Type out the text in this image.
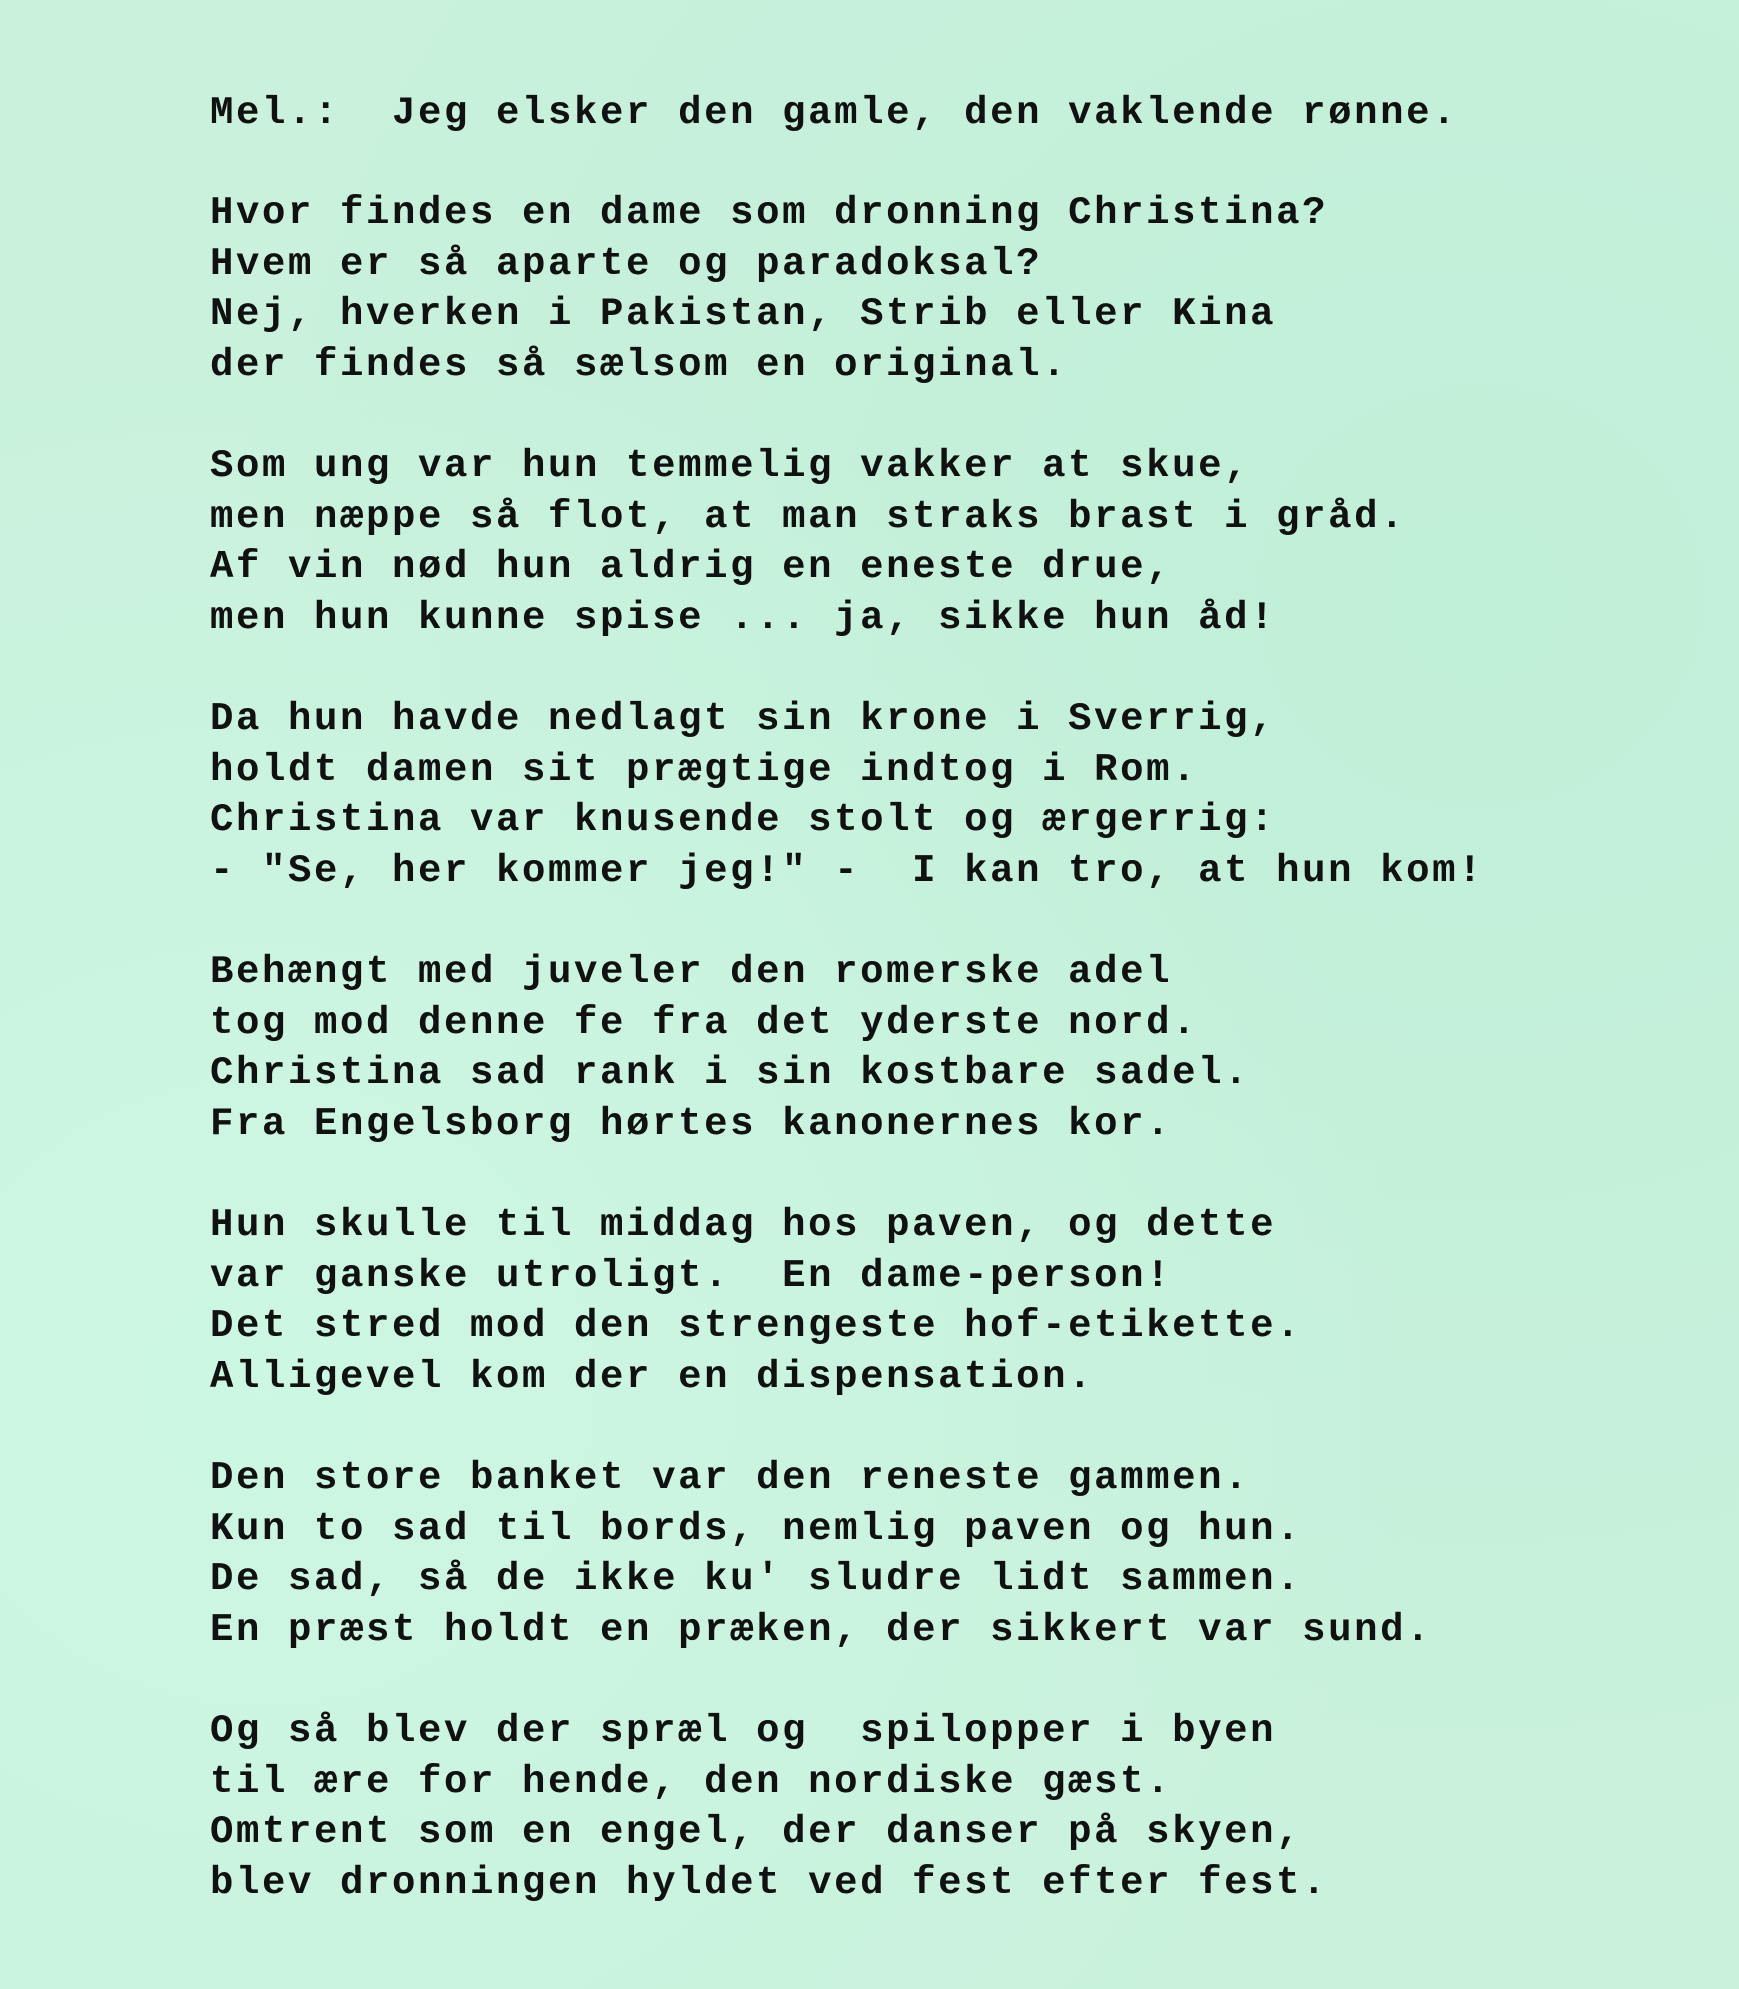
Mel.:  Jeg elsker den gamle, den vaklende rønne.
Hvor findes en dame som dronning Christina?
Hvem er så aparte og paradoksal?
Nej, hverken i Pakistan, Strib eller Kina
der findes så sælsom en original.
Som ung var hun temmelig vakker at skue,
men næppe så flot, at man straks brast i gråd.
Af vin nød hun aldrig en eneste drue,
men hun kunne spise ... ja, sikke hun åd!
Da hun havde nedlagt sin krone i Sverrig,
holdt damen sit prægtige indtog i Rom.
Christina var knusende stolt og ærgerrig:
- "Se, her kommer jeg!" -  I kan tro, at hun kom!
Behængt med juveler den romerske adel
tog mod denne fe fra det yderste nord.
Christina sad rank i sin kostbare sadel.
Fra Engelsborg hørtes kanonernes kor.
Hun skulle til middag hos paven, og dette
var ganske utroligt.  En dame-person!
Det stred mod den strengeste hof-etikette.
Alligevel kom der en dispensation.
Den store banket var den reneste gammen.
Kun to sad til bords, nemlig paven og hun.
De sad, så de ikke ku' sludre lidt sammen.
En præst holdt en præken, der sikkert var sund.
Og så blev der spræl og  spilopper i byen
til ære for hende, den nordiske gæst.
Omtrent som en engel, der danser på skyen,
blev dronningen hyldet ved fest efter fest.
